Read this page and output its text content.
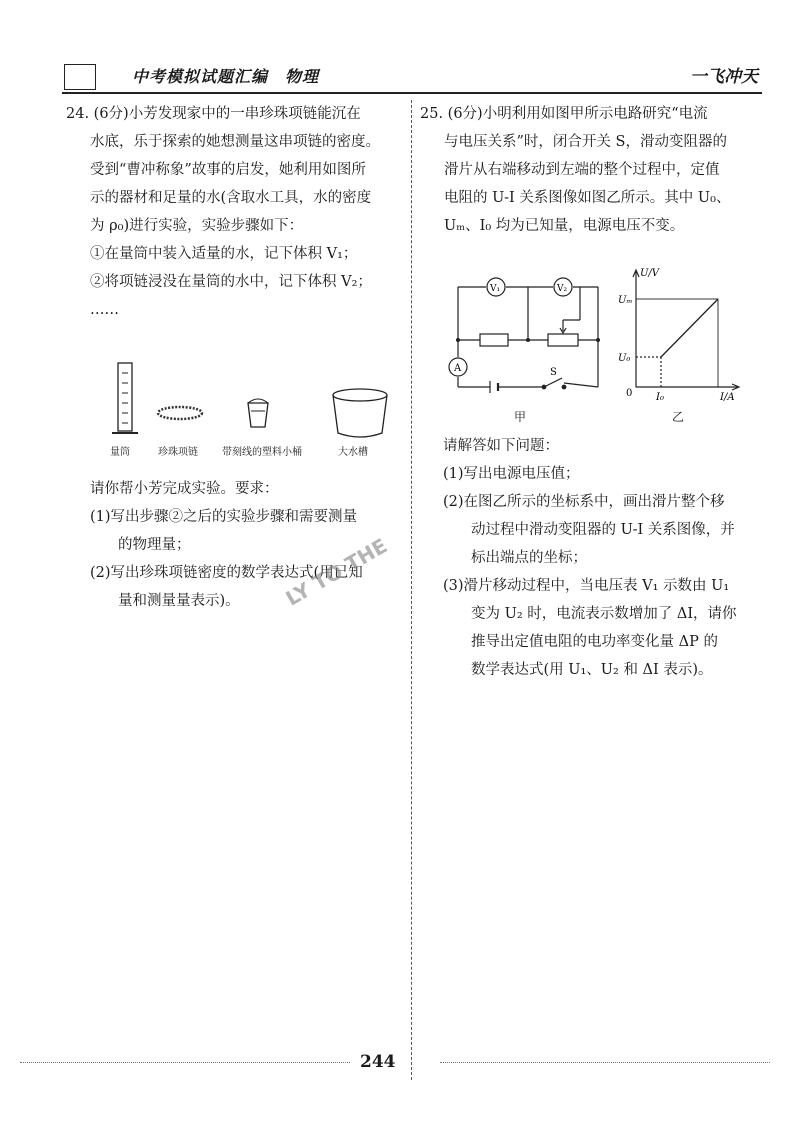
中考模拟试题汇编　物理	一飞冲天
24. (6分)小芳发现家中的一串珍珠项链能沉在
水底，乐于探索的她想测量这串项链的密度。
受到“曹冲称象”故事的启发，她利用如图所
示的器材和足量的水(含取水工具，水的密度
为 ρ₀)进行实验，实验步骤如下：
①在量筒中装入适量的水，记下体积 V₁；
②将项链浸没在量筒的水中，记下体积 V₂；
……
量筒	珍珠项链 带刻线的塑料小桶	大水槽
请你帮小芳完成实验。要求：
(1)写出步骤②之后的实验步骤和需要测量
的物理量；
(2)写出珍珠项链密度的数学表达式(用已知
量和测量量表示)。
25. (6分)小明利用如图甲所示电路研究“电流
与电压关系”时，闭合开关 S，滑动变阻器的
滑片从右端移动到左端的整个过程中，定值
电阻的 U-I 关系图像如图乙所示。其中 U₀、
Uₘ、I₀ 均为已知量，电源电压不变。
V₁	V₂
A	S
甲
U/V
I/A
Uₘ
U₀
0 I₀
乙
请解答如下问题：
(1)写出电源电压值；
(2)在图乙所示的坐标系中，画出滑片整个移
动过程中滑动变阻器的 U-I 关系图像，并
标出端点的坐标；
(3)滑片移动过程中，当电压表 V₁ 示数由 U₁
变为 U₂ 时，电流表示数增加了 ΔI，请你
推导出定值电阻的电功率变化量 ΔP 的
数学表达式(用 U₁、U₂ 和 ΔI 表示)。
LY TO THE
244
